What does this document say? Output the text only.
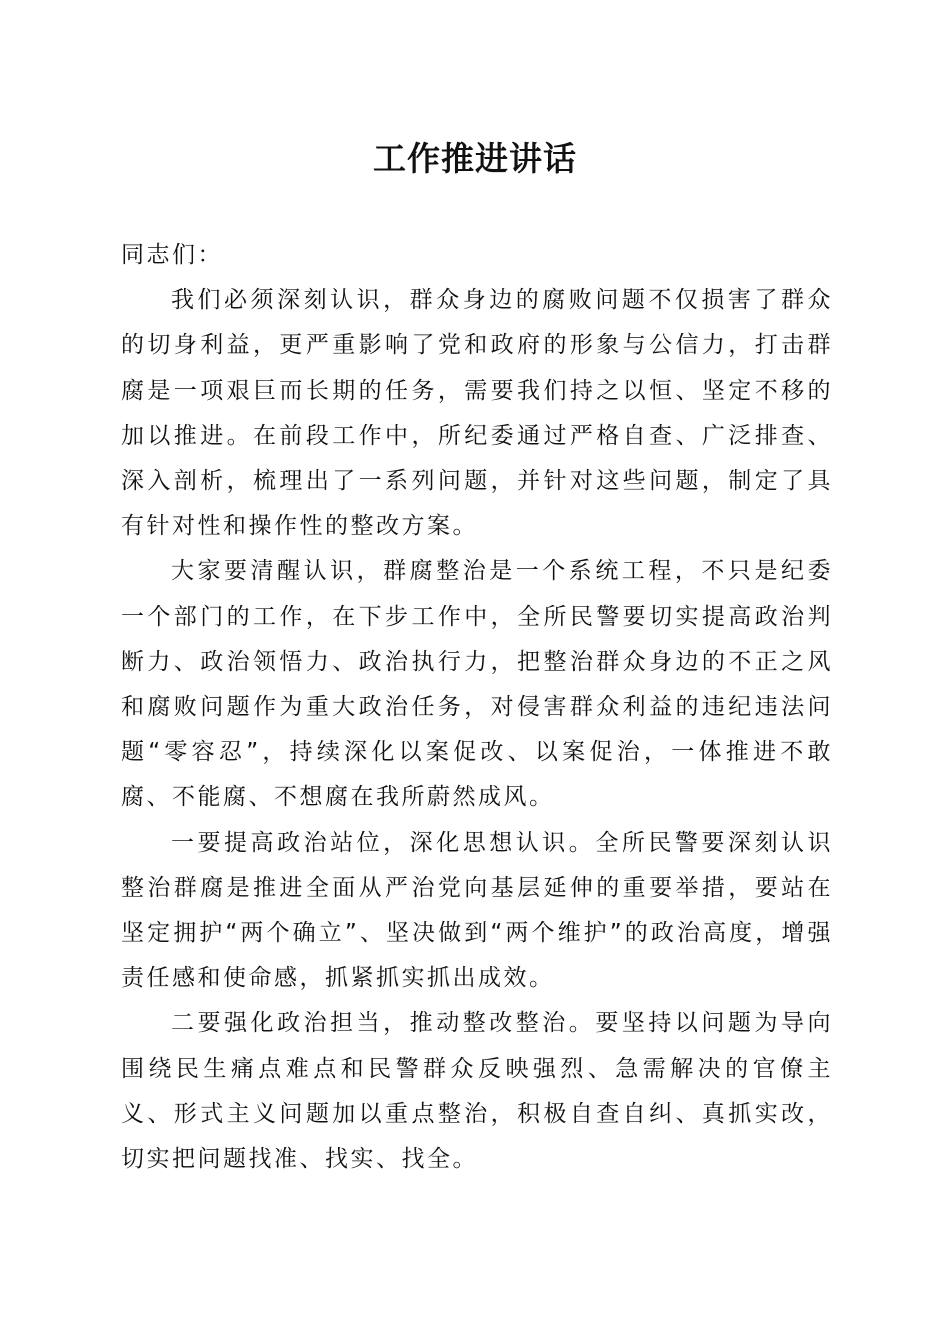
工作推进讲话

同志们：

我们必须深刻认识，群众身边的腐败问题不仅损害了群众的切身利益，更严重影响了党和政府的形象与公信力，打击群腐是一项艰巨而长期的任务，需要我们持之以恒、坚定不移的加以推进。在前段工作中，所纪委通过严格自查、广泛排查、深入剖析，梳理出了一系列问题，并针对这些问题，制定了具有针对性和操作性的整改方案。

大家要清醒认识，群腐整治是一个系统工程，不只是纪委一个部门的工作，在下步工作中，全所民警要切实提高政治判断力、政治领悟力、政治执行力，把整治群众身边的不正之风和腐败问题作为重大政治任务，对侵害群众利益的违纪违法问题“零容忍”，持续深化以案促改、以案促治，一体推进不敢腐、不能腐、不想腐在我所蔚然成风。

一要提高政治站位，深化思想认识。全所民警要深刻认识整治群腐是推进全面从严治党向基层延伸的重要举措，要站在坚定拥护“两个确立”、坚决做到“两个维护”的政治高度，增强责任感和使命感，抓紧抓实抓出成效。

二要强化政治担当，推动整改整治。要坚持以问题为导向围绕民生痛点难点和民警群众反映强烈、急需解决的官僚主义、形式主义问题加以重点整治，积极自查自纠、真抓实改，切实把问题找准、找实、找全。
